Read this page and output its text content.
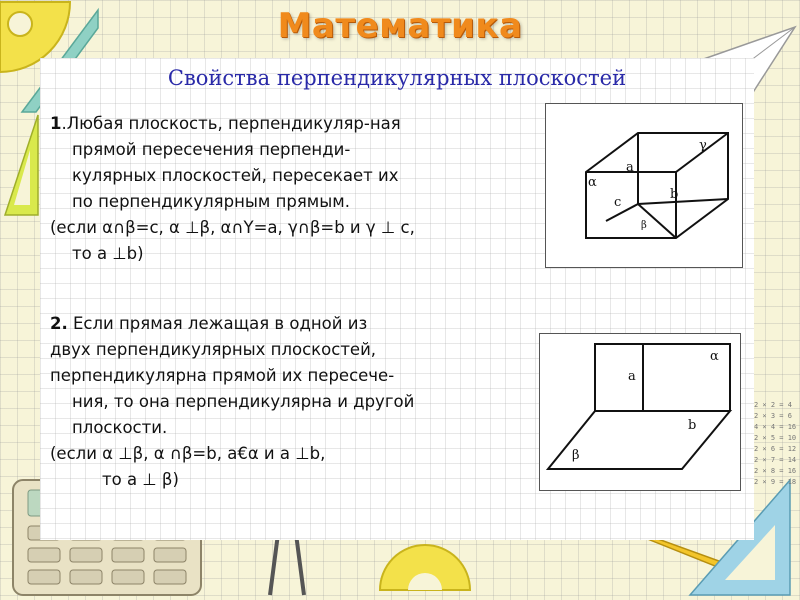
2 × 2 = 4
2 × 3 = 6
4 × 4 = 16
2 × 5 = 10
2 × 6 = 12
2 × 7 = 14
2 × 8 = 16
2 × 9 = 18
Математика
Свойства перпендикулярных плоскостей
1.Любая плоскость, перпендикуляр-ная
прямой пересечения перпенди-
кулярных плоскостей, пересекает их
по перпендикулярным прямым.
(если α∩β=c, α ⊥β, α∩Υ=a, γ∩β=b и γ ⊥ c,
то а ⊥b)
2. Если прямая лежащая в одной из
двух перпендикулярных плоскостей,
перпендикулярна прямой их пересече-
ния, то она перпендикулярна и другой
плоскости.
(если α ⊥β, α ∩β=b, a€α и a ⊥b,
то a ⊥ β)
γ
a
α
b
c
β
α
a
b
β
